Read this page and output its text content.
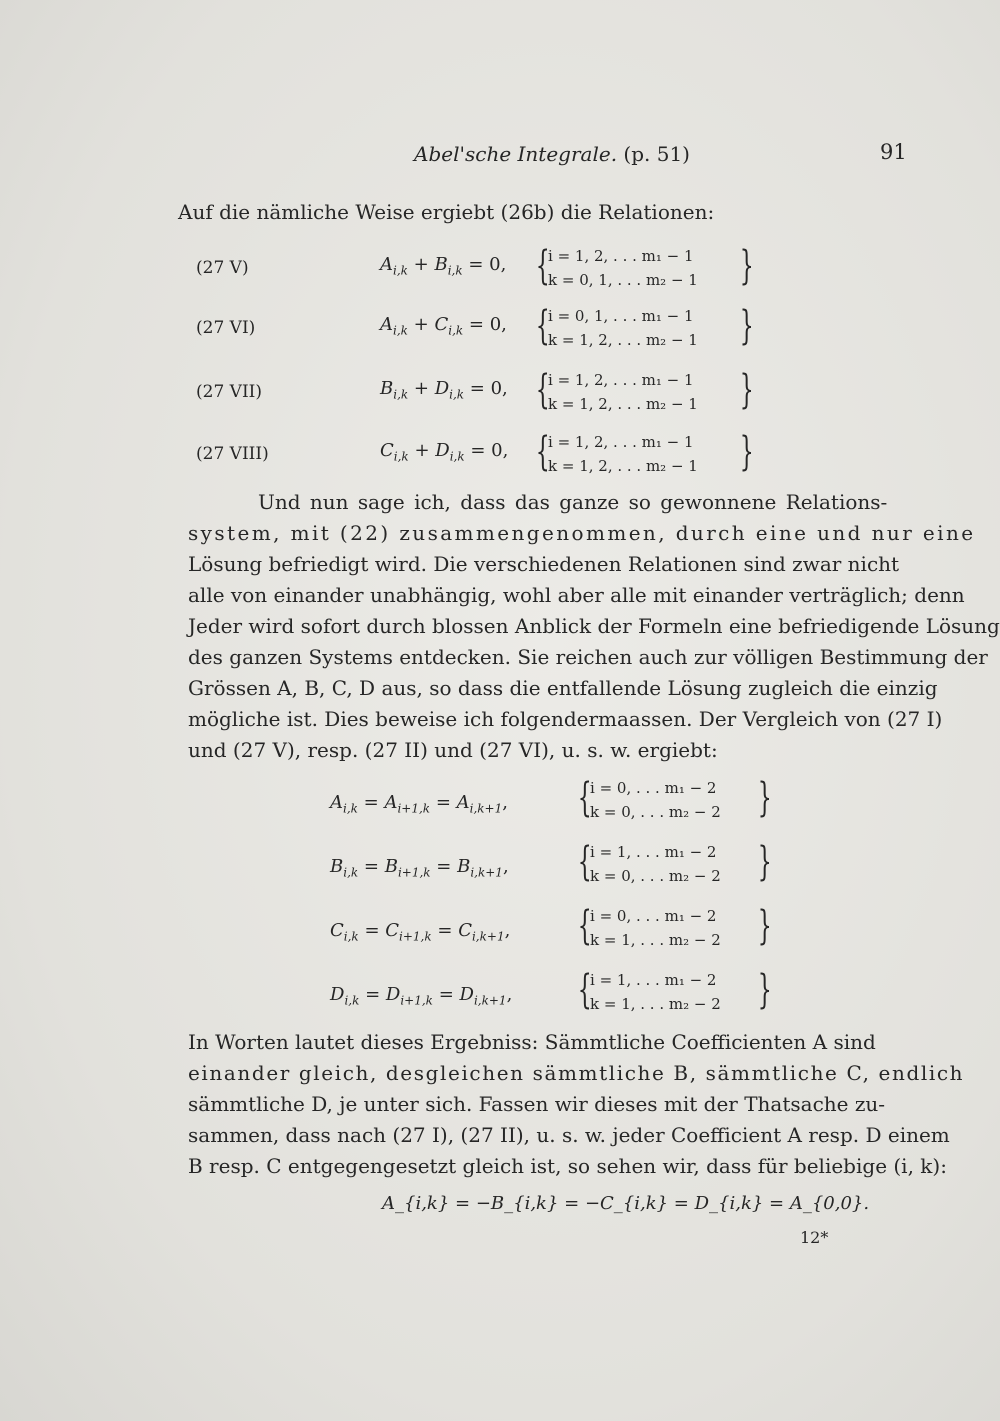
Abel'sche Integrale. (p. 51)	91
Auf die nämliche Weise ergiebt (26b) die Relationen:
(27 V)	$A_{i,k} + B_{i,k} = 0$, {
i = 1, 2, . . . m₁ − 1
k = 0, 1, . . . m₂ − 1 }
(27 VI)	$A_{i,k} + C_{i,k} = 0$, {
i = 0, 1, . . . m₁ − 1
k = 1, 2, . . . m₂ − 1 }
(27 VII)	$B_{i,k} + D_{i,k} = 0$, {
i = 1, 2, . . . m₁ − 1
k = 1, 2, . . . m₂ − 1 }
(27 VIII)	$C_{i,k} + D_{i,k} = 0$, {
i = 1, 2, . . . m₁ − 1
k = 1, 2, . . . m₂ − 1 }
Und nun sage ich, dass das ganze so gewonnene Relations-
system, mit (22) zusammengenommen, durch eine und nur eine
Lösung befriedigt wird. Die verschiedenen Relationen sind zwar nicht
alle von einander unabhängig, wohl aber alle mit einander verträglich; denn
Jeder wird sofort durch blossen Anblick der Formeln eine befriedigende Lösung
des ganzen Systems entdecken. Sie reichen auch zur völligen Bestimmung der
Grössen A, B, C, D aus, so dass die entfallende Lösung zugleich die einzig
mögliche ist. Dies beweise ich folgendermaassen. Der Vergleich von (27 I)
und (27 V), resp. (27 II) und (27 VI), u. s. w. ergiebt:
$A_{i,k} = A_{i+1,k} = A_{i,k+1}$, {
i = 0, . . . m₁ − 2
k = 0, . . . m₂ − 2 }
$B_{i,k} = B_{i+1,k} = B_{i,k+1}$, {
i = 1, . . . m₁ − 2
k = 0, . . . m₂ − 2 }
$C_{i,k} = C_{i+1,k} = C_{i,k+1}$, {
i = 0, . . . m₁ − 2
k = 1, . . . m₂ − 2 }
$D_{i,k} = D_{i+1,k} = D_{i,k+1}$, {
i = 1, . . . m₁ − 2
k = 1, . . . m₂ − 2 }
In Worten lautet dieses Ergebniss: Sämmtliche Coefficienten A sind
einander gleich, desgleichen sämmtliche B, sämmtliche C, endlich
sämmtliche D, je unter sich. Fassen wir dieses mit der Thatsache zu-
sammen, dass nach (27 I), (27 II), u. s. w. jeder Coefficient A resp. D einem
B resp. C entgegengesetzt gleich ist, so sehen wir, dass für beliebige (i, k):
A_{i,k} = −B_{i,k} = −C_{i,k} = D_{i,k} = A_{0,0}.
12*
